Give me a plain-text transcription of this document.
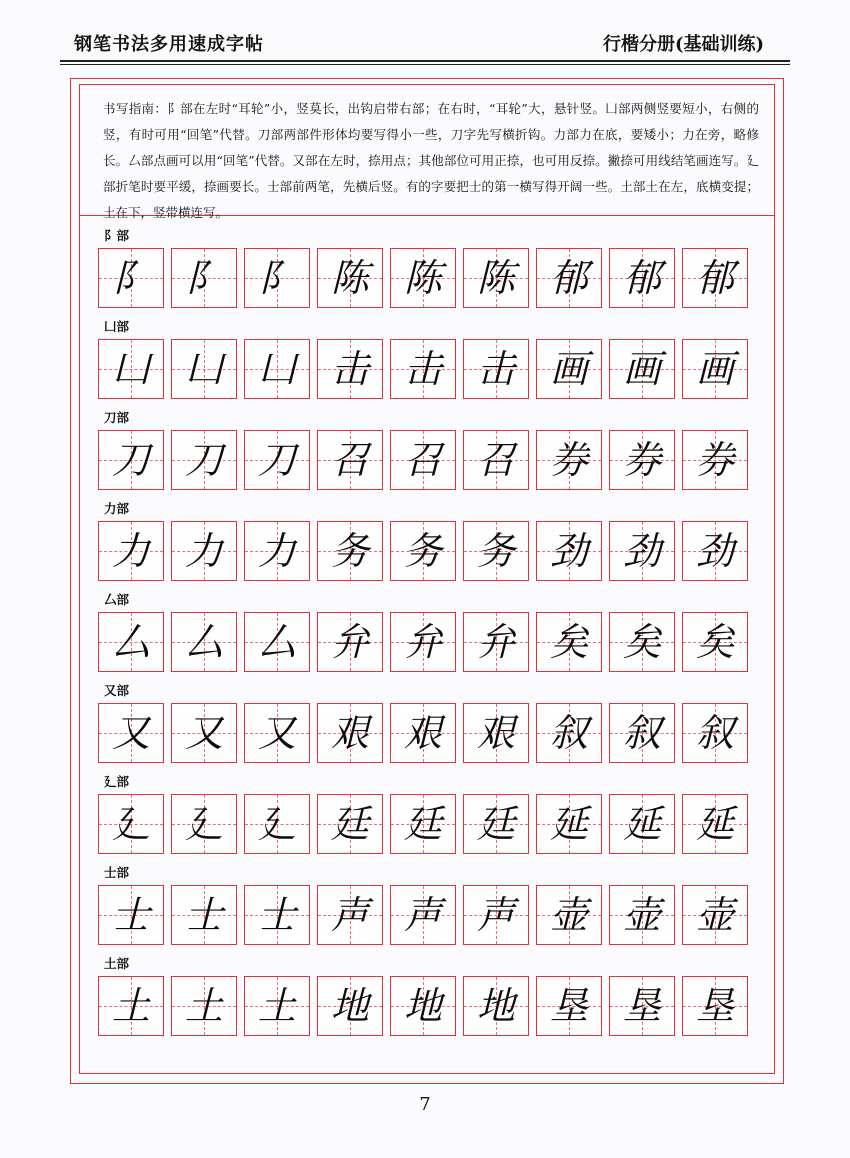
钢笔书法多用速成字帖	行楷分册(基础训练)
书写指南：阝部在左时“耳轮”小，竖莫长，出钩启带右部；在右时，“耳轮”大，悬针竖。凵部两侧竖要短小，右侧的竖，有时可用“回笔”代替。刀部两部件形体均要写得小一些，刀字先写横折钩。力部力在底，要矮小；力在旁，略修长。厶部点画可以用“回笔”代替。又部在左时，捺用点；其他部位可用正捺，也可用反捺。撇捺可用线结笔画连写。廴部折笔时要平缓，捺画要长。士部前两笔，先横后竖。有的字要把士的第一横写得开阔一些。土部土在左，底横变提；土在下，竖带横连写。
阝部
阝 阝 阝 陈 陈 陈 郁 郁 郁
凵部
凵 凵 凵 击 击 击 画 画 画
刀部
刀 刀 刀 召 召 召 券 券 券
力部
力 力 力 务 务 务 劲 劲 劲
厶部
厶 厶 厶 弁 弁 弁 矣 矣 矣
又部
又 又 又 艰 艰 艰 叙 叙 叙
廴部
廴 廴 廴 廷 廷 廷 延 延 延
士部
士 士 士 声 声 声 壶 壶 壶
土部
土 土 土 地 地 地 垦 垦 垦
7
